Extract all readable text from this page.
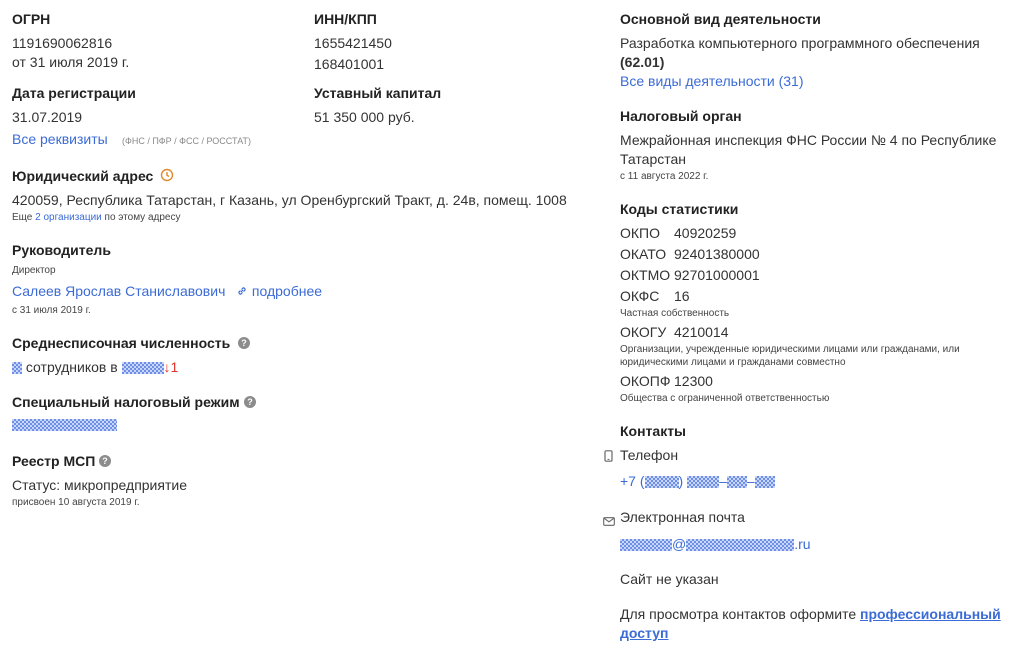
ОГРН
1191690062816
от 31 июля 2019 г.
ИНН/КПП
1655421450
168401001
Дата регистрации
31.07.2019
Уставный капитал
51 350 000 руб.
Все реквизиты (ФНС / ПФР / ФСС / РОССТАТ)
Юридический адрес
420059, Республика Татарстан, г Казань, ул Оренбургский Тракт, д. 24в, помещ. 1008
Еще 2 организации по этому адресу
Руководитель
Директор
Салеев Ярослав Станиславович	подробнее
с 31 июля 2019 г.
Среднесписочная численность	?
сотрудников в	↓1
Специальный налоговый режим ?
Реестр МСП ?
Статус: микропредприятие
присвоен 10 августа 2019 г.
Основной вид деятельности
Разработка компьютерного программного обеспечения
(62.01)
Все виды деятельности (31)
Налоговый орган
Межрайонная инспекция ФНС России № 4 по Республике
Татарстан
с 11 августа 2022 г.
Коды статистики
ОКПО 40920259
ОКАТО 92401380000
ОКТМО 92701000001
ОКФС 16
Частная собственность
ОКОГУ 4210014
Организации, учрежденные юридическими лицами или гражданами, или
юридическими лицами и гражданами совместно
ОКОПФ 12300
Общества с ограниченной ответственностью
Контакты
Телефон
+7 ( ) – –
Электронная почта
@	.ru
Сайт не указан
Для просмотра контактов оформите профессиональный
доступ
